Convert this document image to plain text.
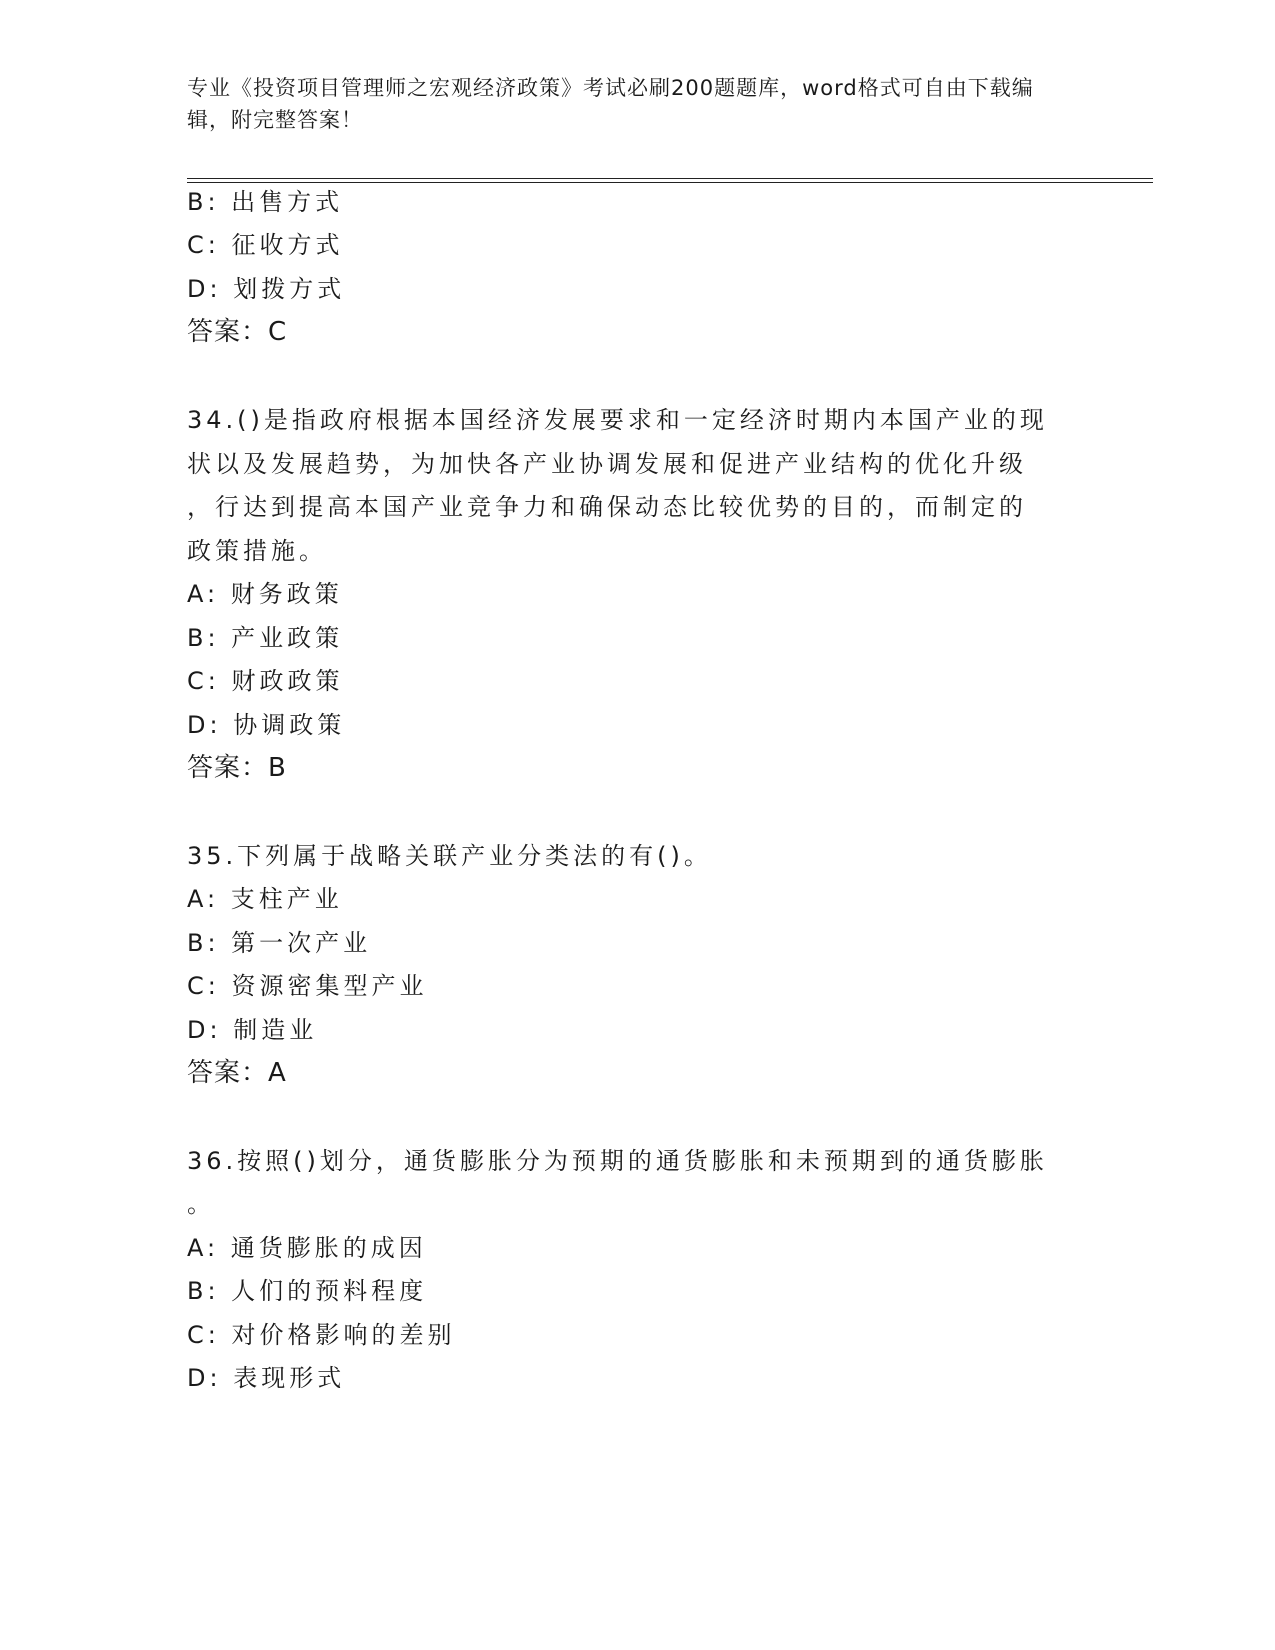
专业《投资项目管理师之宏观经济政策》考试必刷200题题库，word格式可自由下载编辑，附完整答案！
B: 出售方式
C: 征收方式
D: 划拨方式
答案：C
34.()是指政府根据本国经济发展要求和一定经济时期内本国产业的现
状以及发展趋势，为加快各产业协调发展和促进产业结构的优化升级
，行达到提高本国产业竞争力和确保动态比较优势的目的，而制定的
政策措施。
A: 财务政策
B: 产业政策
C: 财政政策
D: 协调政策
答案：B
35.下列属于战略关联产业分类法的有()。
A: 支柱产业
B: 第一次产业
C: 资源密集型产业
D: 制造业
答案：A
36.按照()划分，通货膨胀分为预期的通货膨胀和未预期到的通货膨胀
。
A: 通货膨胀的成因
B: 人们的预料程度
C: 对价格影响的差别
D: 表现形式
